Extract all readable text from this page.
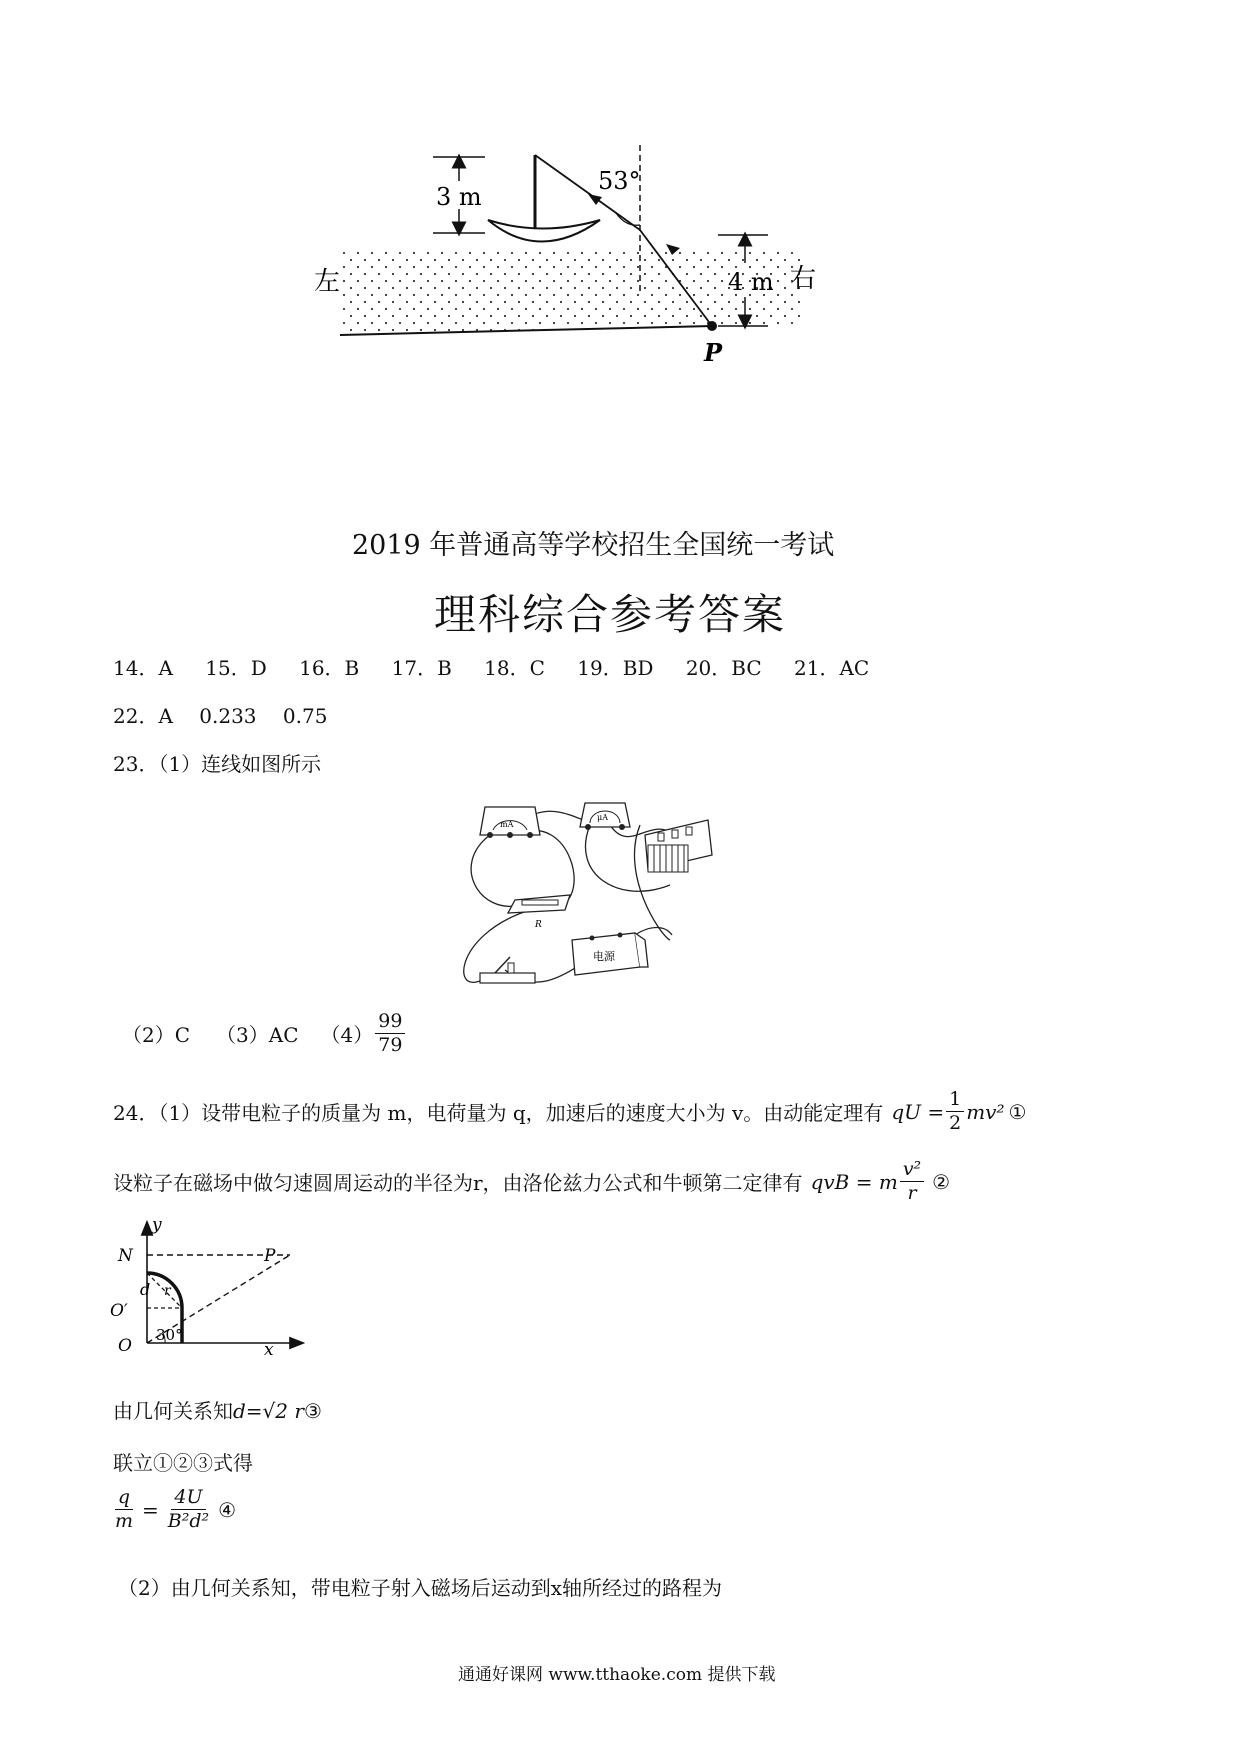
3 m
53°
4 m
左	右
P
2019 年普通高等学校招生全国统一考试
理科综合参考答案
14．A 15．D 16．B 17．B 18．C 19．BD 20．BC 21．AC
22．A 0.233 0.75
23．（1）连线如图所示
mA
μA
R
电源
（2）C （3）AC $(4) \frac{99}{79}$
24．（1）设带电粒子的质量为 m，电荷量为 q，加速后的速度大小为 v。由动能定理有 qU = $\frac{1}{2} mv^2$ ①
设粒子在磁场中做匀速圆周运动的半径为r，由洛伦兹力公式和牛顿第二定律有 qvB = m $\frac{\text{v²}}{r}$ ②
y
x
N	P
O′
O
d r
30°
由几何关系知d=√2 r③
联立①②③式得
$\frac{q}{m} = \frac{4U}{\text{B²d²}}$ ④
（2）由几何关系知，带电粒子射入磁场后运动到x轴所经过的路程为
通通好课网 www.tthaoke.com 提供下载
